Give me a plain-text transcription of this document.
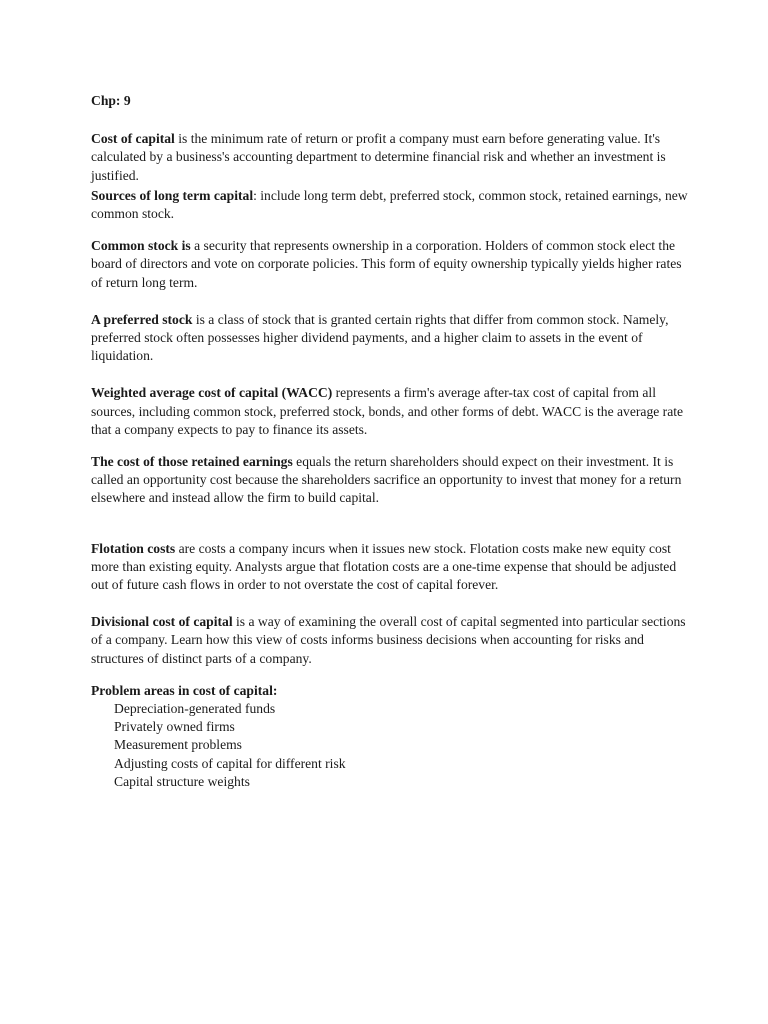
Chp: 9

Cost of capital is the minimum rate of return or profit a company must earn before generating value. It's calculated by a business's accounting department to determine financial risk and whether an investment is justified.

Sources of long term capital: include long term debt, preferred stock, common stock, retained earnings, new common stock.

Common stock is a security that represents ownership in a corporation. Holders of common stock elect the board of directors and vote on corporate policies. This form of equity ownership typically yields higher rates of return long term.

A preferred stock is a class of stock that is granted certain rights that differ from common stock. Namely, preferred stock often possesses higher dividend payments, and a higher claim to assets in the event of liquidation.

Weighted average cost of capital (WACC) represents a firm's average after-tax cost of capital from all sources, including common stock, preferred stock, bonds, and other forms of debt. WACC is the average rate that a company expects to pay to finance its assets.

The cost of those retained earnings equals the return shareholders should expect on their investment. It is called an opportunity cost because the shareholders sacrifice an opportunity to invest that money for a return elsewhere and instead allow the firm to build capital.

Flotation costs are costs a company incurs when it issues new stock. Flotation costs make new equity cost more than existing equity. Analysts argue that flotation costs are a one-time expense that should be adjusted out of future cash flows in order to not overstate the cost of capital forever.

Divisional cost of capital is a way of examining the overall cost of capital segmented into particular sections of a company. Learn how this view of costs informs business decisions when accounting for risks and structures of distinct parts of a company.

Problem areas in cost of capital:
Depreciation-generated funds
Privately owned firms
Measurement problems
Adjusting costs of capital for different risk
Capital structure weights
